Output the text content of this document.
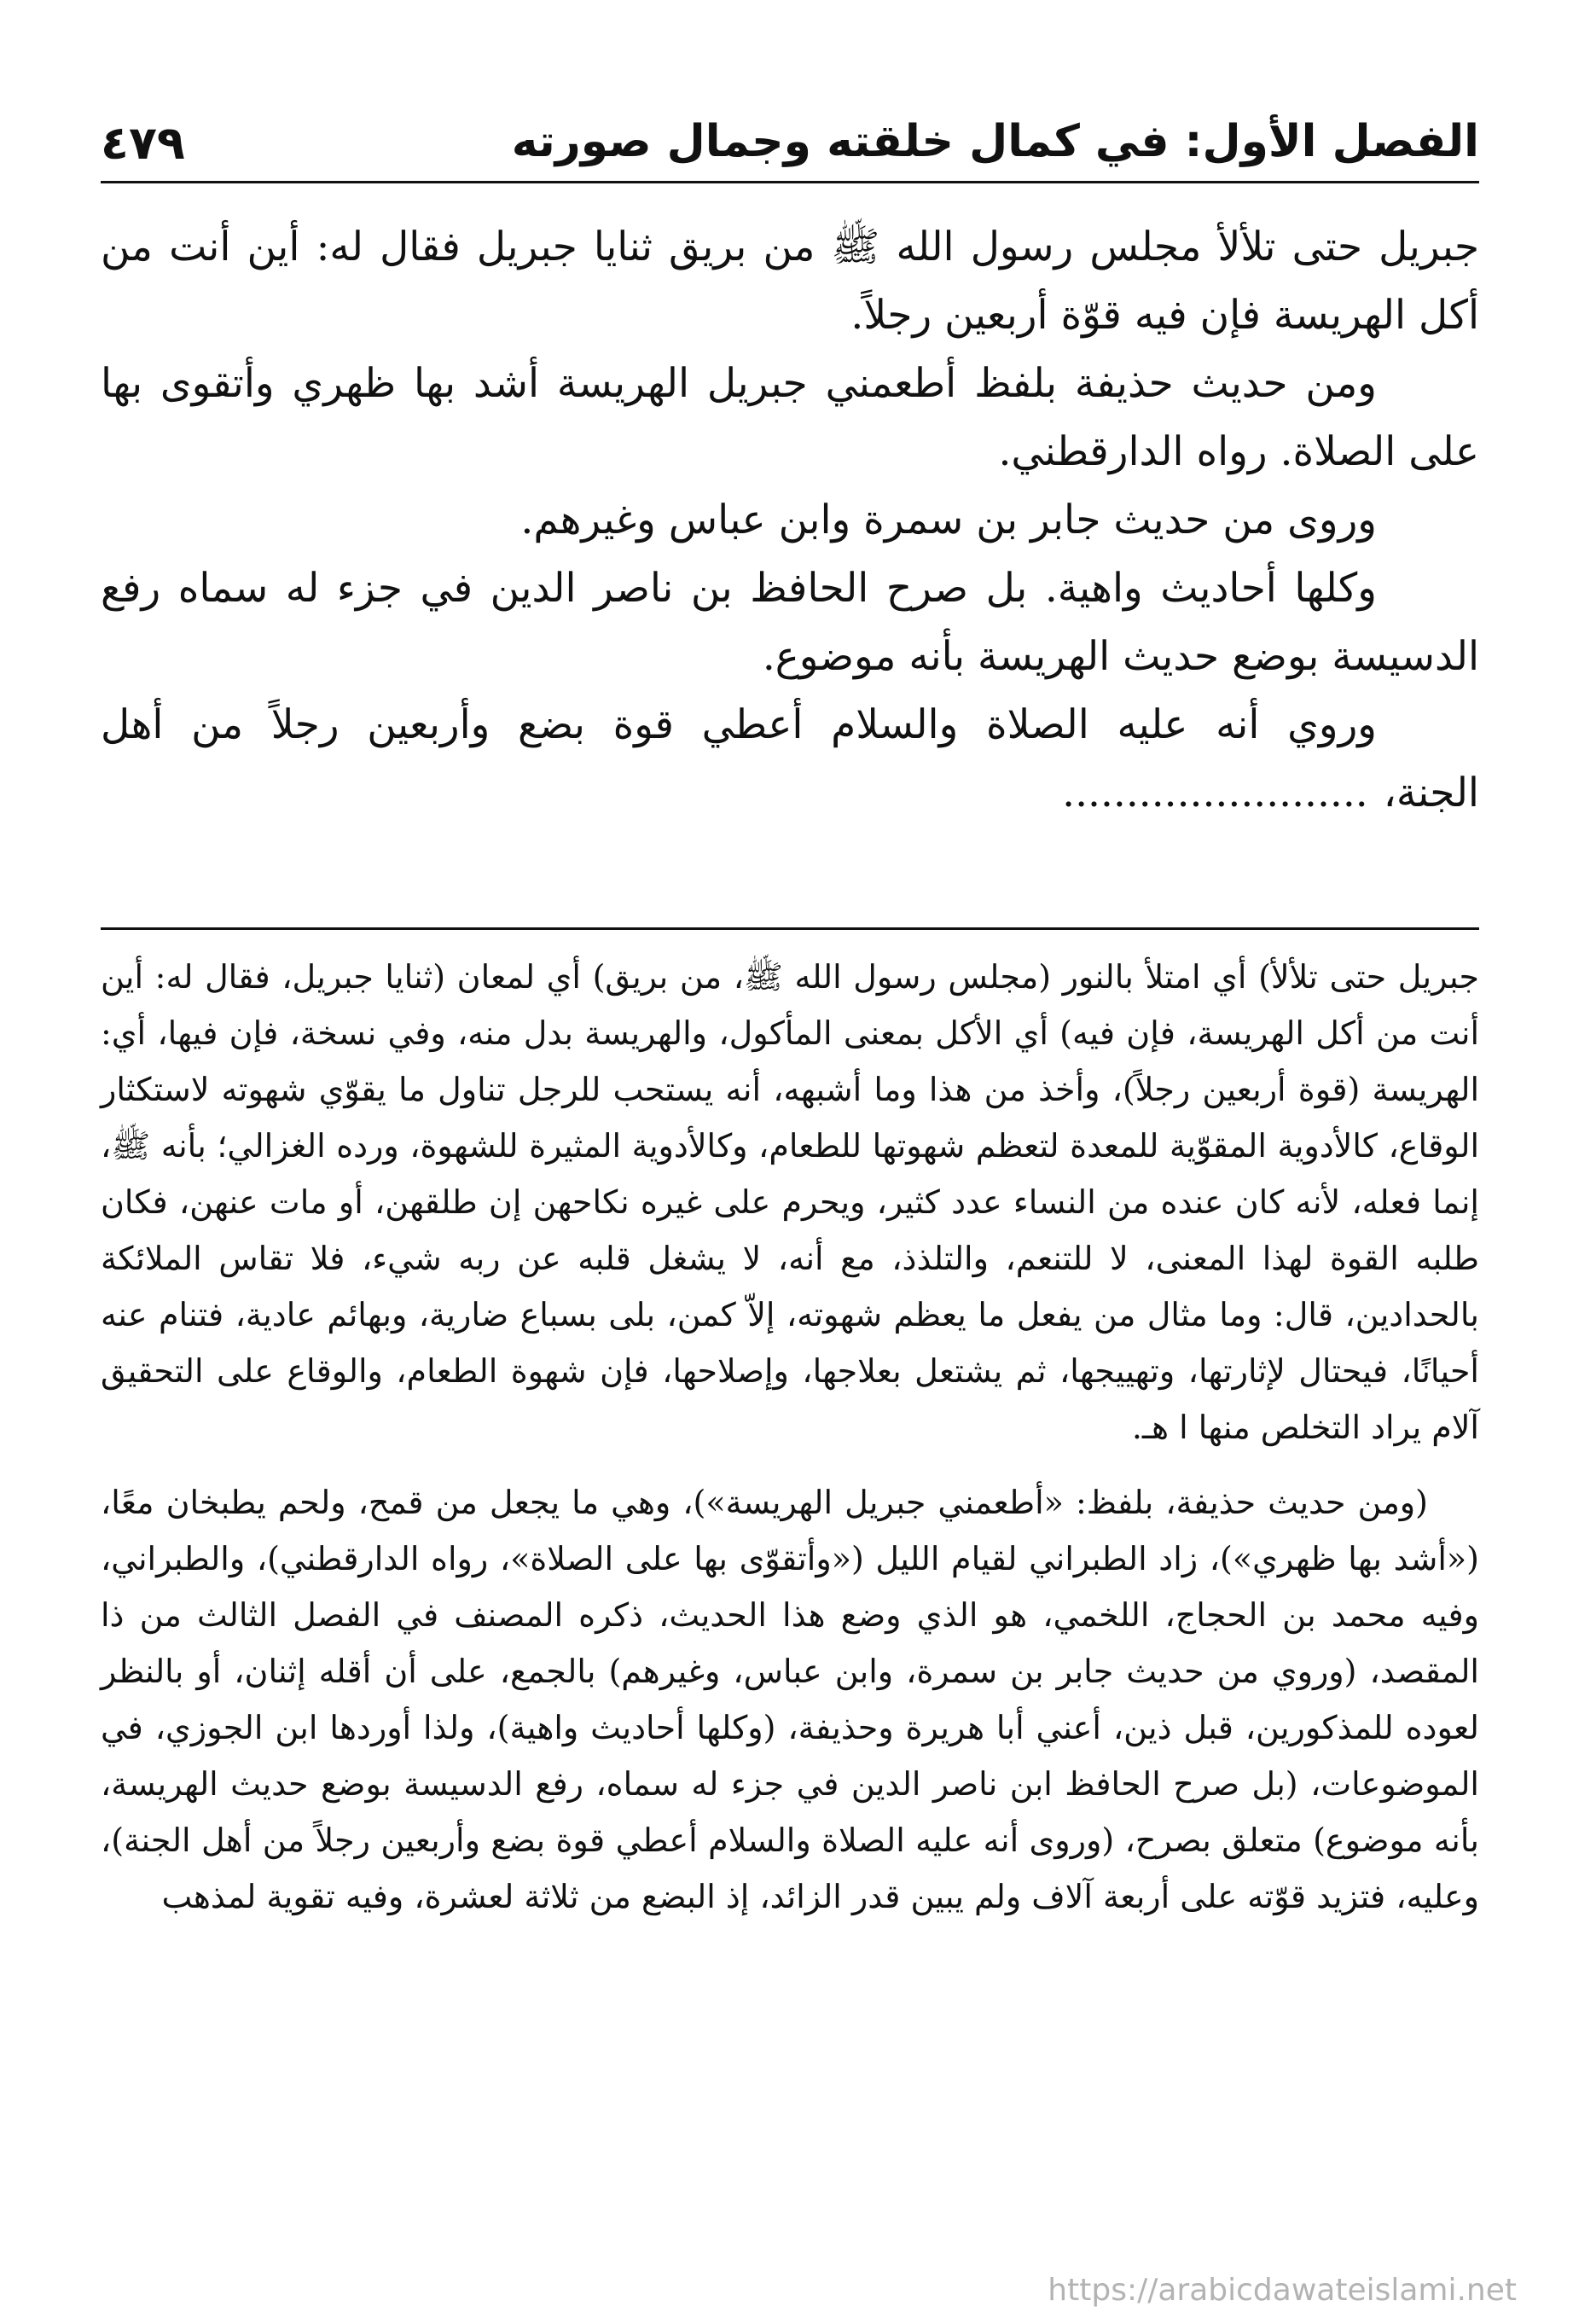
الفصل الأول: في كمال خلقته وجمال صورته
٤٧٩

جبريل حتى تلألأ مجلس رسول الله ﷺ من بريق ثنايا جبريل فقال له: أين أنت من أكل الهريسة فإن فيه قوّة أربعين رجلاً.

ومن حديث حذيفة بلفظ أطعمني جبريل الهريسة أشد بها ظهري وأتقوى بها على الصلاة. رواه الدارقطني.

وروى من حديث جابر بن سمرة وابن عباس وغيرهم.

وكلها أحاديث واهية. بل صرح الحافظ بن ناصر الدين في جزء له سماه رفع الدسيسة بوضع حديث الهريسة بأنه موضوع.

وروي أنه عليه الصلاة والسلام أعطي قوة بضع وأربعين رجلاً من أهل الجنة،........................

جبريل حتى تلألأ) أي امتلأ بالنور (مجلس رسول الله ﷺ، من بريق) أي لمعان (ثنايا جبريل، فقال له: أين أنت من أكل الهريسة، فإن فيه) أي الأكل بمعنى المأكول، والهريسة بدل منه، وفي نسخة، فإن فيها، أي: الهريسة (قوة أربعين رجلاً)، وأخذ من هذا وما أشبهه، أنه يستحب للرجل تناول ما يقوّي شهوته لاستكثار الوقاع، كالأدوية المقوّية للمعدة لتعظم شهوتها للطعام، وكالأدوية المثيرة للشهوة، ورده الغزالي؛ بأنه ﷺ، إنما فعله، لأنه كان عنده من النساء عدد كثير، ويحرم على غيره نكاحهن إن طلقهن، أو مات عنهن، فكان طلبه القوة لهذا المعنى، لا للتنعم، والتلذذ، مع أنه، لا يشغل قلبه عن ربه شيء، فلا تقاس الملائكة بالحدادين، قال: وما مثال من يفعل ما يعظم شهوته، إلاّ كمن، بلى بسباع ضارية، وبهائم عادية، فتنام عنه أحيانًا، فيحتال لإثارتها، وتهييجها، ثم يشتعل بعلاجها، وإصلاحها، فإن شهوة الطعام، والوقاع على التحقيق آلام يراد التخلص منها ا هـ.

(ومن حديث حذيفة، بلفظ: «أطعمني جبريل الهريسة»)، وهي ما يجعل من قمح، ولحم يطبخان معًا، («أشد بها ظهري»)، زاد الطبراني لقيام الليل («وأتقوّى بها على الصلاة»، رواه الدارقطني)، والطبراني، وفيه محمد بن الحجاج، اللخمي، هو الذي وضع هذا الحديث، ذكره المصنف في الفصل الثالث من ذا المقصد، (وروي من حديث جابر بن سمرة، وابن عباس، وغيرهم) بالجمع، على أن أقله إثنان، أو بالنظر لعوده للمذكورين، قبل ذين، أعني أبا هريرة وحذيفة، (وكلها أحاديث واهية)، ولذا أوردها ابن الجوزي، في الموضوعات، (بل صرح الحافظ ابن ناصر الدين في جزء له سماه، رفع الدسيسة بوضع حديث الهريسة، بأنه موضوع) متعلق بصرح، (وروى أنه عليه الصلاة والسلام أعطي قوة بضع وأربعين رجلاً من أهل الجنة)، وعليه، فتزيد قوّته على أربعة آلاف ولم يبين قدر الزائد، إذ البضع من ثلاثة لعشرة، وفيه تقوية لمذهب

https://arabicdawateislami.net
